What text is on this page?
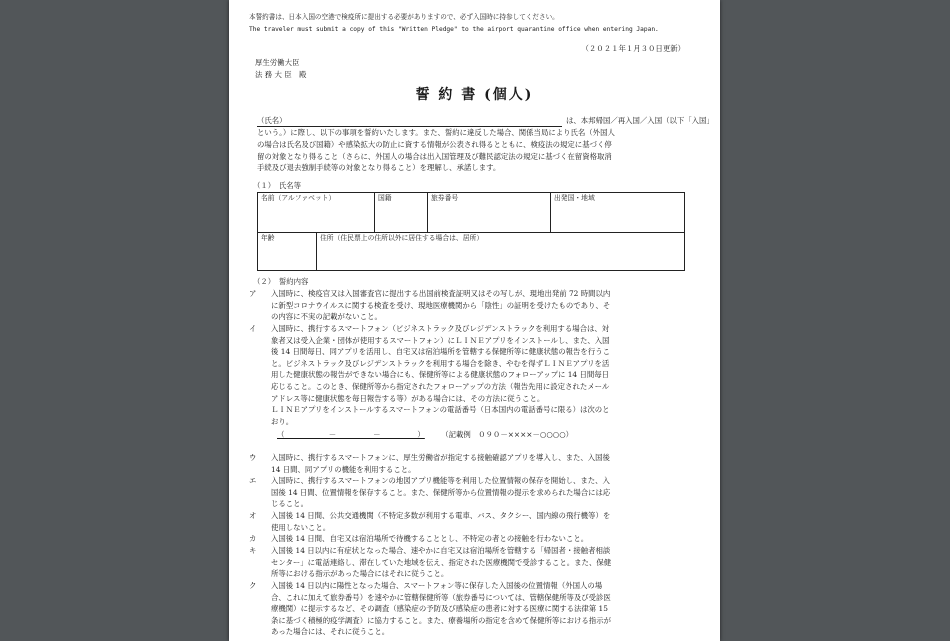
本誓約書は、日本入国の空港で検疫所に提出する必要がありますので、必ず入国時に持参してください。
The traveler must submit a copy of this "Written Pledge" to the airport quarantine office when entering Japan.
（２０２１年１月３０日更新）
厚生労働大臣
法 務 大 臣　殿
誓 約 書 (個人)
（氏名）	は、本邦帰国／再入国／入国（以下「入国」
という。）に際し、以下の事項を誓約いたします。また、誓約に違反した場合、関係当局により氏名（外国人
の場合は氏名及び国籍）や感染拡大の防止に資する情報が公表され得るとともに、検疫法の規定に基づく停
留の対象となり得ること（さらに、外国人の場合は出入国管理及び難民認定法の規定に基づく在留資格取消
手続及び退去強制手続等の対象となり得ること）を理解し、承諾します。
（１）　氏名等
名前（アルファベット）	国籍	旅券番号	出発国・地域
年齢	住所（住民票上の住所以外に居住する場合は、居所）
（２）　誓約内容
ア 入国時に、検疫官又は入国審査官に提出する出国前検査証明又はその写しが、現地出発前 72 時間以内
に新型コロナウイルスに関する検査を受け、現地医療機関から「陰性」の証明を受けたものであり、そ
の内容に不実の記載がないこと。
イ 入国時に、携行するスマートフォン（ビジネストラック及びレジデンストラックを利用する場合は、対
象者又は受入企業・団体が使用するスマートフォン）にＬＩＮＥアプリをインストールし、また、入国
後 14 日間毎日、同アプリを活用し、自宅又は宿泊場所を管轄する保健所等に健康状態の報告を行うこ
と。ビジネストラック及びレジデンストラックを利用する場合を除き、やむを得ずＬＩＮＥアプリを活
用した健康状態の報告ができない場合にも、保健所等による健康状態のフォローアップに 14 日間毎日
応じること。このとき、保健所等から指定されたフォローアップの方法（報告先用に設定されたメール
アドレス等に健康状態を毎日報告する等）がある場合には、その方法に従うこと。
ＬＩＮＥアプリをインストールするスマートフォンの電話番号（日本国内の電話番号に限る）は次のと
おり。
（　　　　　　－　　　　　－　　　　　） （記載例　０９０－××××－○○○○）
ウ 入国時に、携行するスマートフォンに、厚生労働省が指定する接触確認アプリを導入し、また、入国後
14 日間、同アプリの機能を利用すること。
エ 入国時に、携行するスマートフォンの地図アプリ機能等を利用した位置情報の保存を開始し、また、入
国後 14 日間、位置情報を保存すること。また、保健所等から位置情報の提示を求められた場合には応
じること。
オ 入国後 14 日間、公共交通機関（不特定多数が利用する電車、バス、タクシー、国内線の飛行機等）を
使用しないこと。
カ 入国後 14 日間、自宅又は宿泊場所で待機することとし、不特定の者との接触を行わないこと。
キ 入国後 14 日以内に有症状となった場合、速やかに自宅又は宿泊場所を管轄する「帰国者・接触者相談
センター」に電話連絡し、滞在していた地域を伝え、指定された医療機関で受診すること。また、保健
所等における指示があった場合にはそれに従うこと。
ク 入国後 14 日以内に陽性となった場合、スマートフォン等に保存した入国後の位置情報（外国人の場
合、これに加えて旅券番号）を速やかに管轄保健所等（旅券番号については、管轄保健所等及び受診医
療機関）に提示するなど、その調査（感染症の予防及び感染症の患者に対する医療に関する法律第 15
条に基づく積極的疫学調査）に協力すること。また、療養場所の指定を含めて保健所等における指示が
あった場合には、それに従うこと。
